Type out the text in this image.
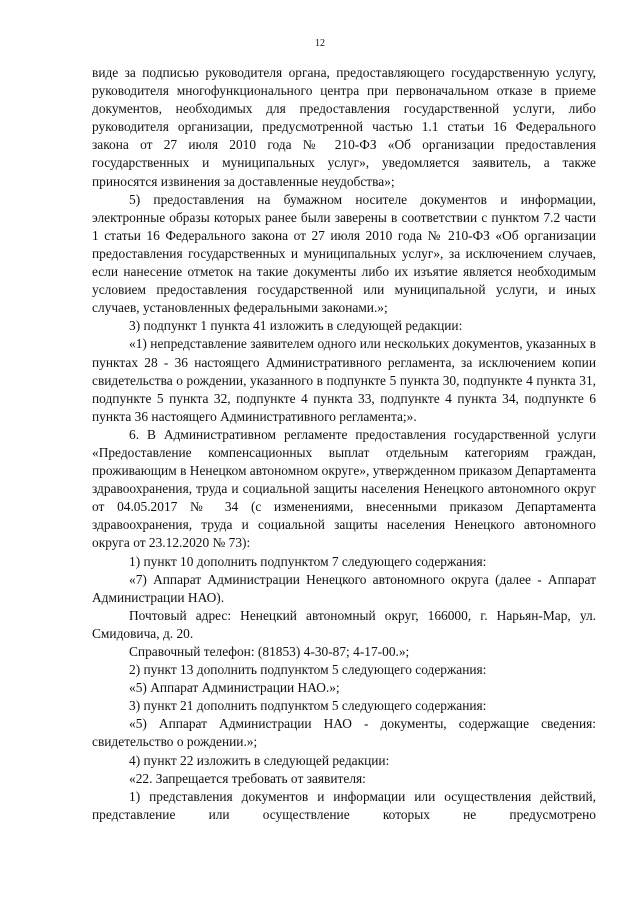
12

виде за подписью руководителя органа, предоставляющего государственную услугу, руководителя многофункционального центра при первоначальном отказе в приеме документов, необходимых для предоставления государственной услуги, либо руководителя организации, предусмотренной частью 1.1 статьи 16 Федерального закона от 27 июля 2010 года № 210-ФЗ «Об организации предоставления государственных и муниципальных услуг», уведомляется заявитель, а также приносятся извинения за доставленные неудобства»;

5) предоставления на бумажном носителе документов и информации, электронные образы которых ранее были заверены в соответствии с пунктом 7.2 части 1 статьи 16 Федерального закона от 27 июля 2010 года № 210-ФЗ «Об организации предоставления государственных и муниципальных услуг», за исключением случаев, если нанесение отметок на такие документы либо их изъятие является необходимым условием предоставления государственной или муниципальной услуги, и иных случаев, установленных федеральными законами.»;

3) подпункт 1 пункта 41 изложить в следующей редакции:

«1) непредставление заявителем одного или нескольких документов, указанных в пунктах 28 - 36 настоящего Административного регламента, за исключением копии свидетельства о рождении, указанного в подпункте 5 пункта 30, подпункте 4 пункта 31, подпункте 5 пункта 32, подпункте 4 пункта 33, подпункте 4 пункта 34, подпункте 6 пункта 36 настоящего Административного регламента;».

6. В Административном регламенте предоставления государственной услуги «Предоставление компенсационных выплат отдельным категориям граждан, проживающим в Ненецком автономном округе», утвержденном приказом Департамента здравоохранения, труда и социальной защиты населения Ненецкого автономного округ от 04.05.2017 № 34 (с изменениями, внесенными приказом Департамента здравоохранения, труда и социальной защиты населения Ненецкого автономного округа от 23.12.2020 № 73):

1) пункт 10 дополнить подпунктом 7 следующего содержания:

«7) Аппарат Администрации Ненецкого автономного округа (далее - Аппарат Администрации НАО).

Почтовый адрес: Ненецкий автономный округ, 166000, г. Нарьян-Мар, ул. Смидовича, д. 20.

Справочный телефон: (81853) 4-30-87; 4-17-00.»;

2) пункт 13 дополнить подпунктом 5 следующего содержания:

«5) Аппарат Администрации НАО.»;

3) пункт 21 дополнить подпунктом 5 следующего содержания:

«5) Аппарат Администрации НАО - документы, содержащие сведения: свидетельство о рождении.»;

4) пункт 22 изложить в следующей редакции:

«22. Запрещается требовать от заявителя:

1) представления документов и информации или осуществления действий, представление или осуществление которых не предусмотрено
